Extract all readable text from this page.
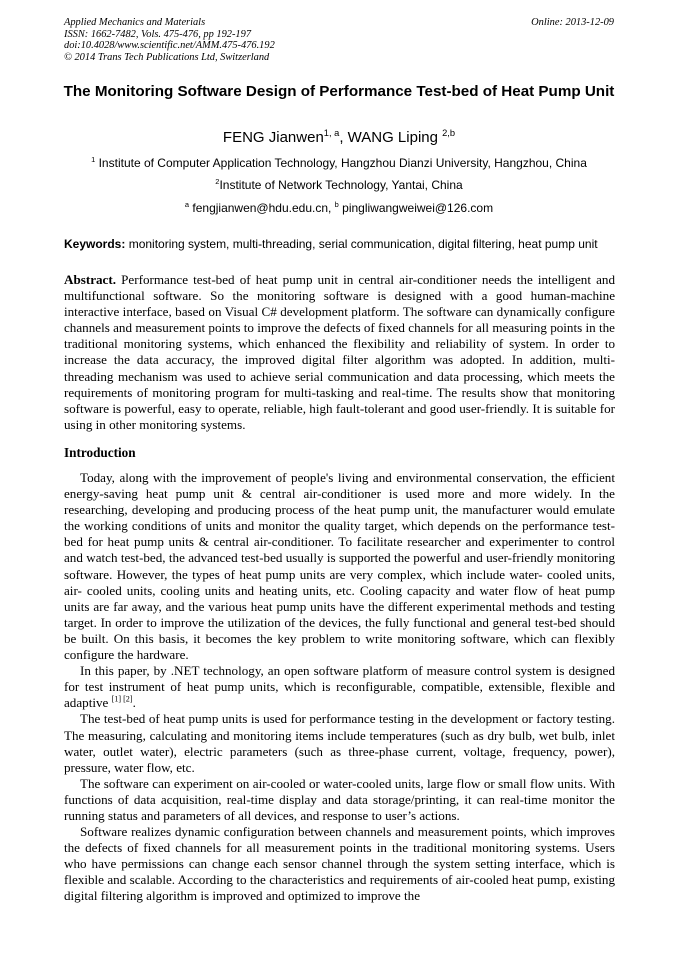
Applied Mechanics and Materials
ISSN: 1662-7482, Vols. 475-476, pp 192-197
doi:10.4028/www.scientific.net/AMM.475-476.192
© 2014 Trans Tech Publications Ltd, Switzerland
Online: 2013-12-09
The Monitoring Software Design of Performance Test-bed of Heat Pump Unit
FENG Jianwen$^{1, a}$, WANG Liping $^{2,b}$
$^1$ Institute of Computer Application Technology, Hangzhou Dianzi University, Hangzhou, China
$^2$Institute of Network Technology, Yantai, China
$^a$ fengjianwen@hdu.edu.cn, $^b$ pingliwangweiwei@126.com
Keywords: monitoring system, multi-threading, serial communication, digital filtering, heat pump unit
Abstract. Performance test-bed of heat pump unit in central air-conditioner needs the intelligent and multifunctional software. So the monitoring software is designed with a good human-machine interactive interface, based on Visual C# development platform. The software can dynamically configure channels and measurement points to improve the defects of fixed channels for all measuring points in the traditional monitoring systems, which enhanced the flexibility and reliability of system. In order to increase the data accuracy, the improved digital filter algorithm was adopted. In addition, multi-threading mechanism was used to achieve serial communication and data processing, which meets the requirements of monitoring program for multi-tasking and real-time. The results show that monitoring software is powerful, easy to operate, reliable, high fault-tolerant and good user-friendly. It is suitable for using in other monitoring systems.
Introduction

Today, along with the improvement of people's living and environmental conservation, the efficient energy-saving heat pump unit & central air-conditioner is used more and more widely. In the researching, developing and producing process of the heat pump unit, the manufacturer would emulate the working conditions of units and monitor the quality target, which depends on the performance test-bed for heat pump units & central air-conditioner. To facilitate researcher and experimenter to control and watch test-bed, the advanced test-bed usually is supported the powerful and user-friendly monitoring software. However, the types of heat pump units are very complex, which include water- cooled units, air- cooled units, cooling units and heating units, etc. Cooling capacity and water flow of heat pump units are far away, and the various heat pump units have the different experimental methods and testing target. In order to improve the utilization of the devices, the fully functional and general test-bed should be built. On this basis, it becomes the key problem to write monitoring software, which can flexibly configure the hardware.

In this paper, by .NET technology, an open software platform of measure control system is designed for test instrument of heat pump units, which is reconfigurable, compatible, extensible, flexible and adaptive [1] [2].

The test-bed of heat pump units is used for performance testing in the development or factory testing. The measuring, calculating and monitoring items include temperatures (such as dry bulb, wet bulb, inlet water, outlet water), electric parameters (such as three-phase current, voltage, frequency, power), pressure, water flow, etc.

The software can experiment on air-cooled or water-cooled units, large flow or small flow units. With functions of data acquisition, real-time display and data storage/printing, it can real-time monitor the running status and parameters of all devices, and response to user’s actions.

Software realizes dynamic configuration between channels and measurement points, which improves the defects of fixed channels for all measurement points in the traditional monitoring systems. Users who have permissions can change each sensor channel through the system setting interface, which is flexible and scalable. According to the characteristics and requirements of air-cooled heat pump, existing digital filtering algorithm is improved and optimized to improve the
